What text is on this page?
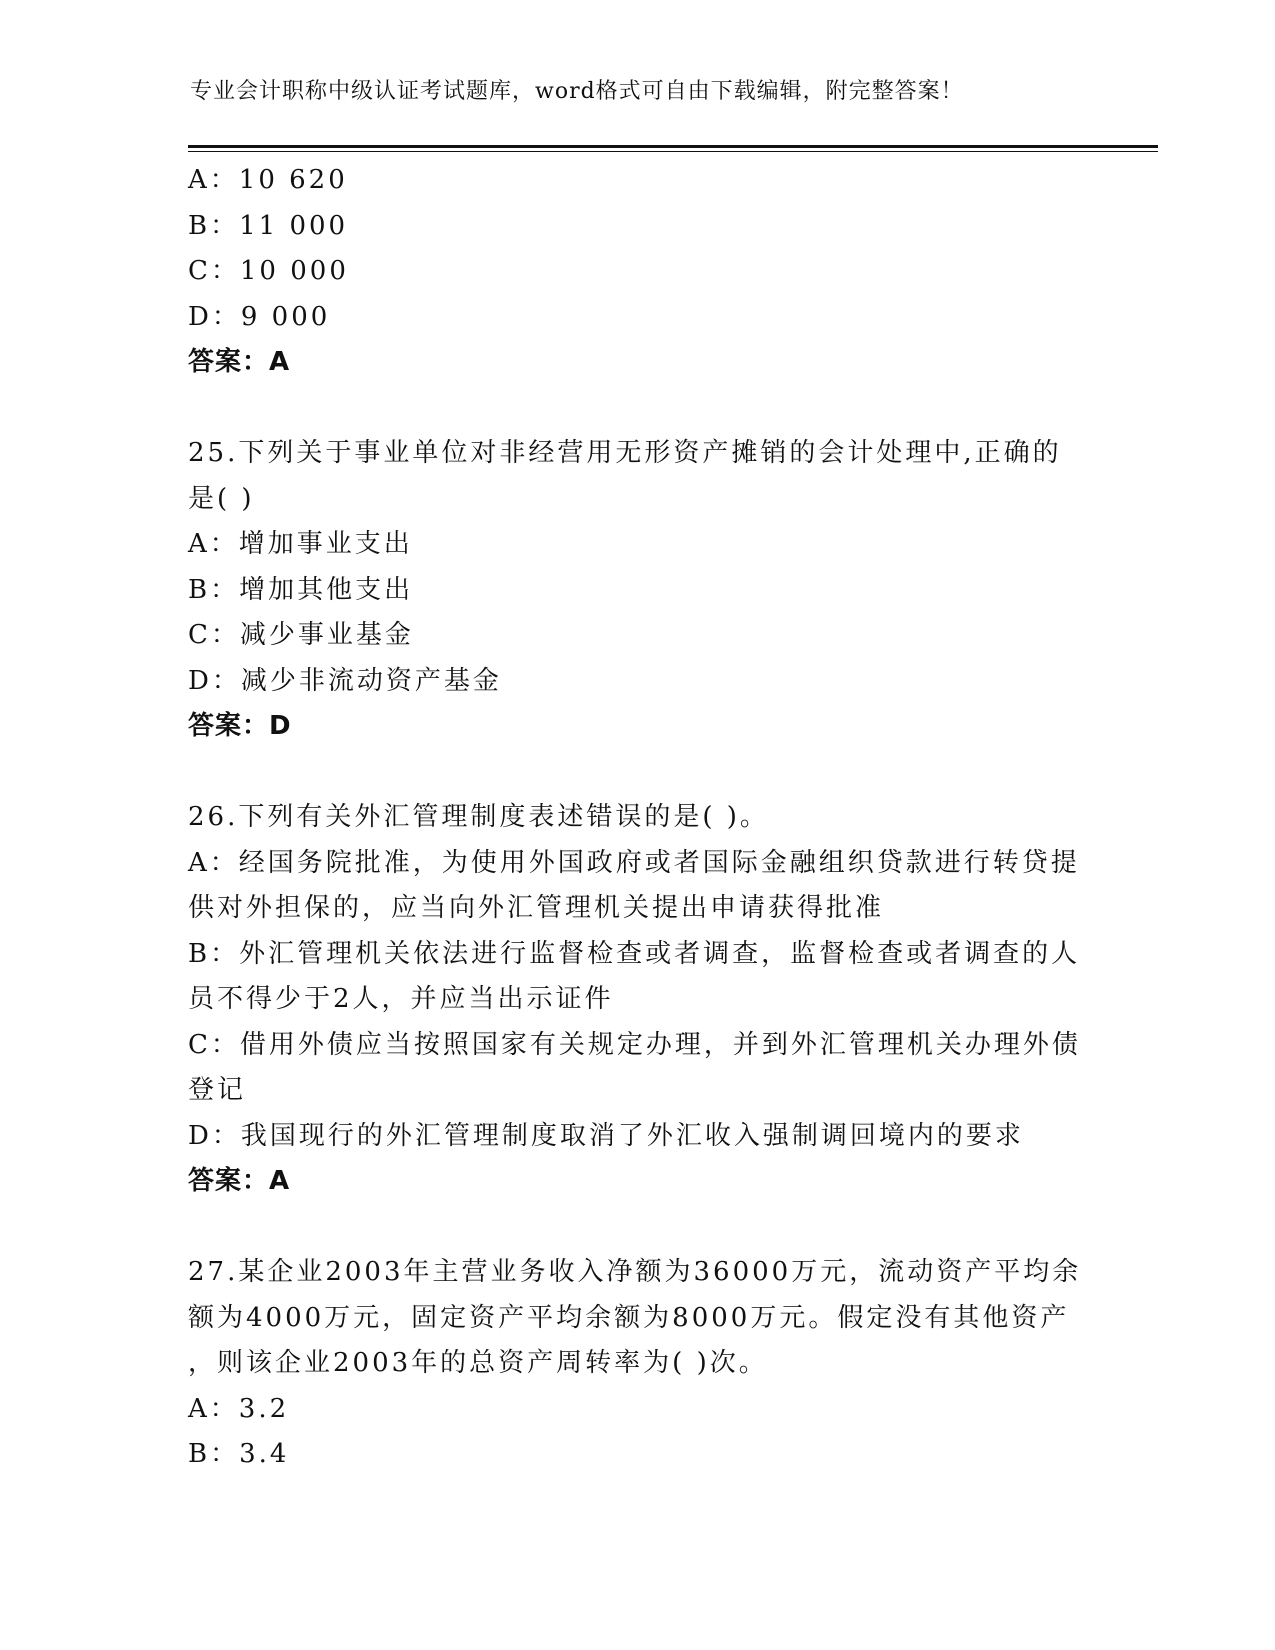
专业会计职称中级认证考试题库，word格式可自由下载编辑，附完整答案！
A：10 620
B：11 000
C：10 000
D：9 000
答案：A
25.下列关于事业单位对非经营用无形资产摊销的会计处理中,正确的
是( )
A：增加事业支出
B：增加其他支出
C：减少事业基金
D：减少非流动资产基金
答案：D
26.下列有关外汇管理制度表述错误的是( )。
A：经国务院批准，为使用外国政府或者国际金融组织贷款进行转贷提
供对外担保的，应当向外汇管理机关提出申请获得批准
B：外汇管理机关依法进行监督检查或者调查，监督检查或者调查的人
员不得少于2人，并应当出示证件
C：借用外债应当按照国家有关规定办理，并到外汇管理机关办理外债
登记
D：我国现行的外汇管理制度取消了外汇收入强制调回境内的要求
答案：A
27.某企业2003年主营业务收入净额为36000万元，流动资产平均余
额为4000万元，固定资产平均余额为8000万元。假定没有其他资产
，则该企业2003年的总资产周转率为( )次。
A：3.2
B：3.4
